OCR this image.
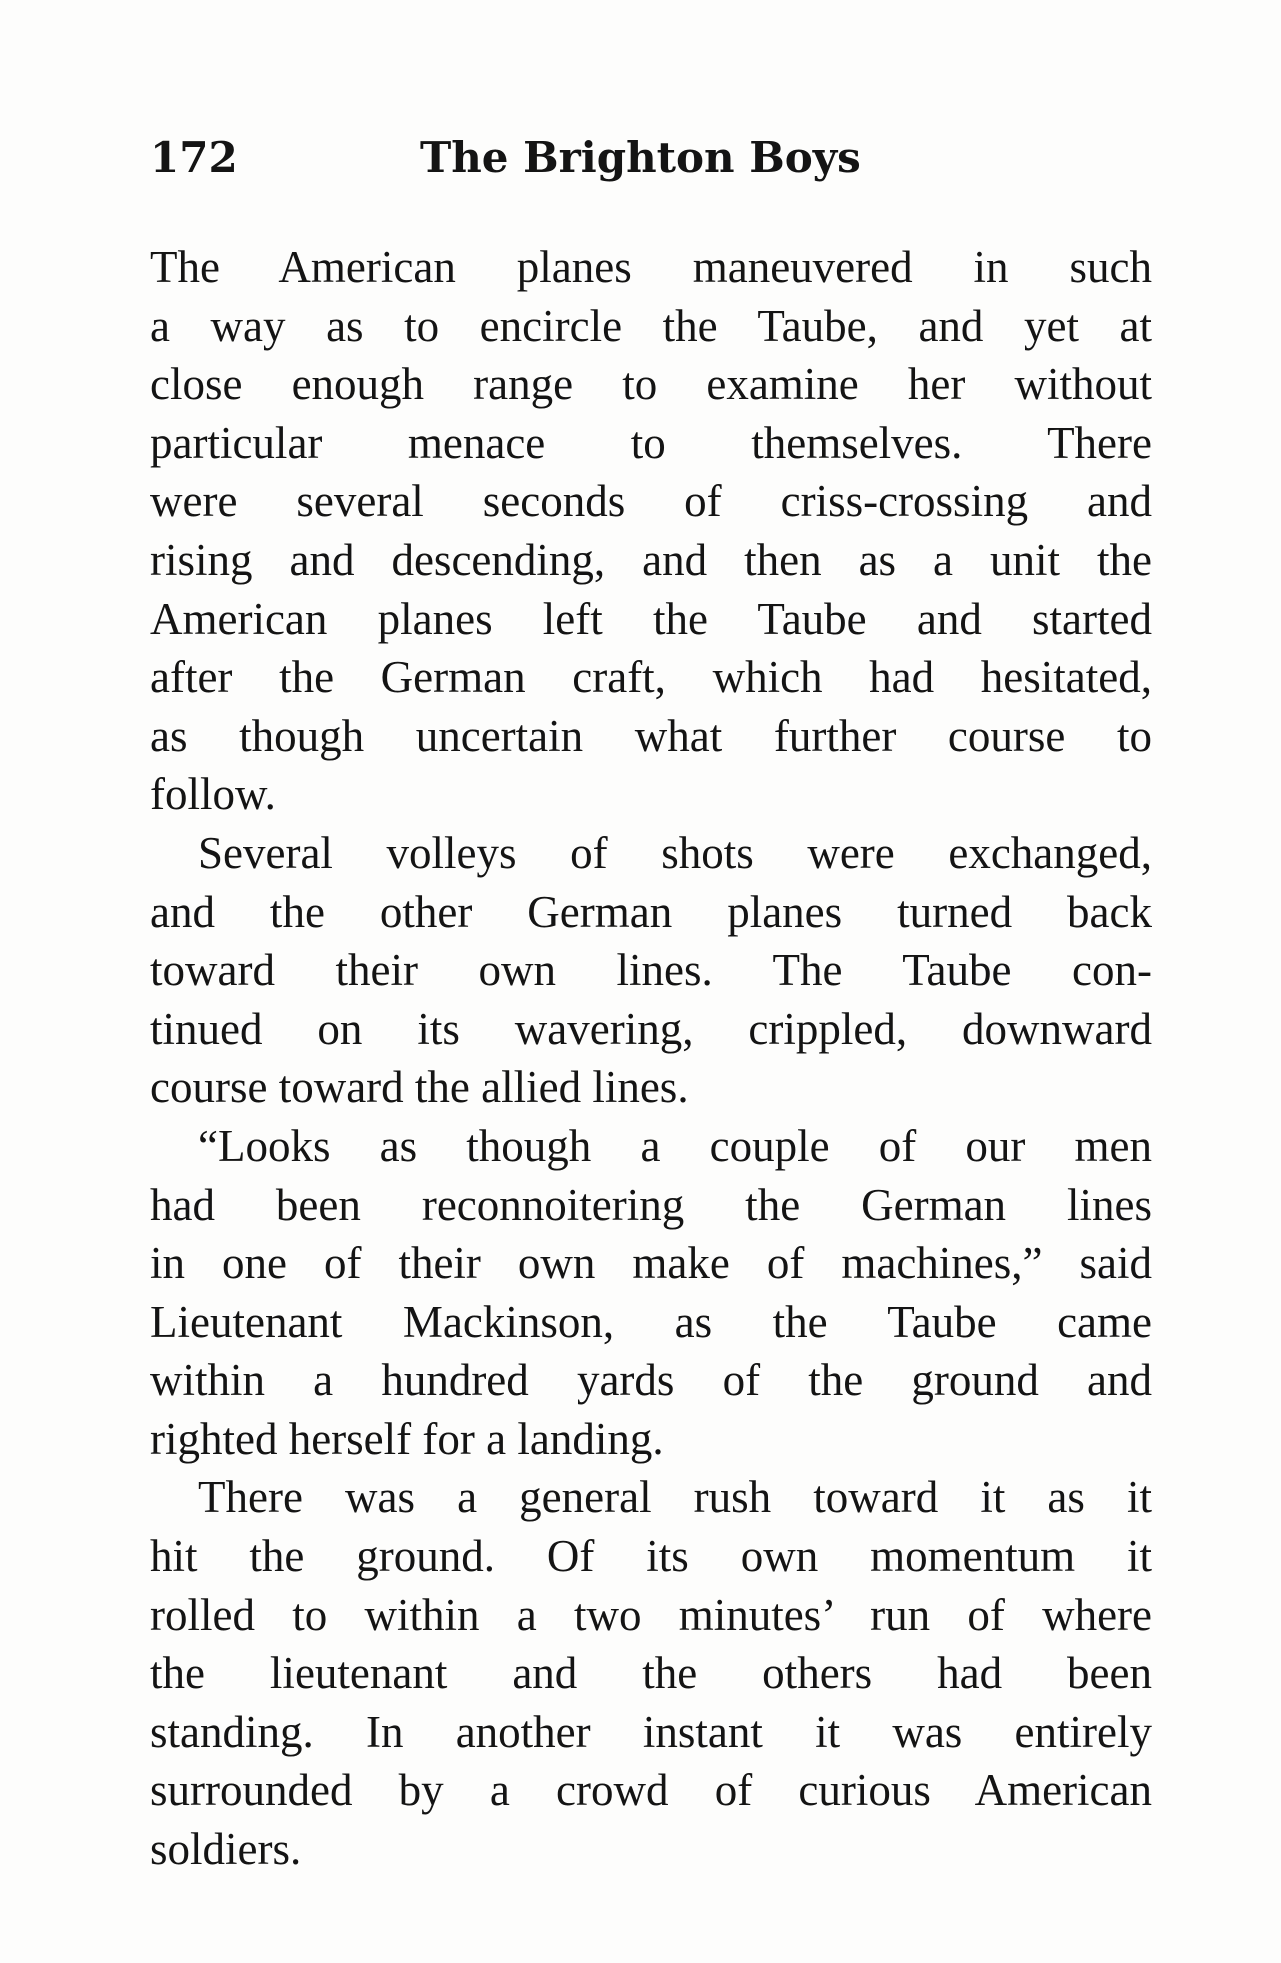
172	The Brighton Boys
The American planes maneuvered in such
a way as to encircle the Taube, and yet at
close enough range to examine her without
particular menace to themselves. There
were several seconds of criss-crossing and
rising and descending, and then as a unit the
American planes left the Taube and started
after the German craft, which had hesitated,
as though uncertain what further course to
follow.
Several volleys of shots were exchanged,
and the other German planes turned back
toward their own lines. The Taube con-
tinued on its wavering, crippled, downward
course toward the allied lines.
“Looks as though a couple of our men
had been reconnoitering the German lines
in one of their own make of machines,” said
Lieutenant Mackinson, as the Taube came
within a hundred yards of the ground and
righted herself for a landing.
There was a general rush toward it as it
hit the ground. Of its own momentum it
rolled to within a two minutes’ run of where
the lieutenant and the others had been
standing. In another instant it was entirely
surrounded by a crowd of curious American
soldiers.
